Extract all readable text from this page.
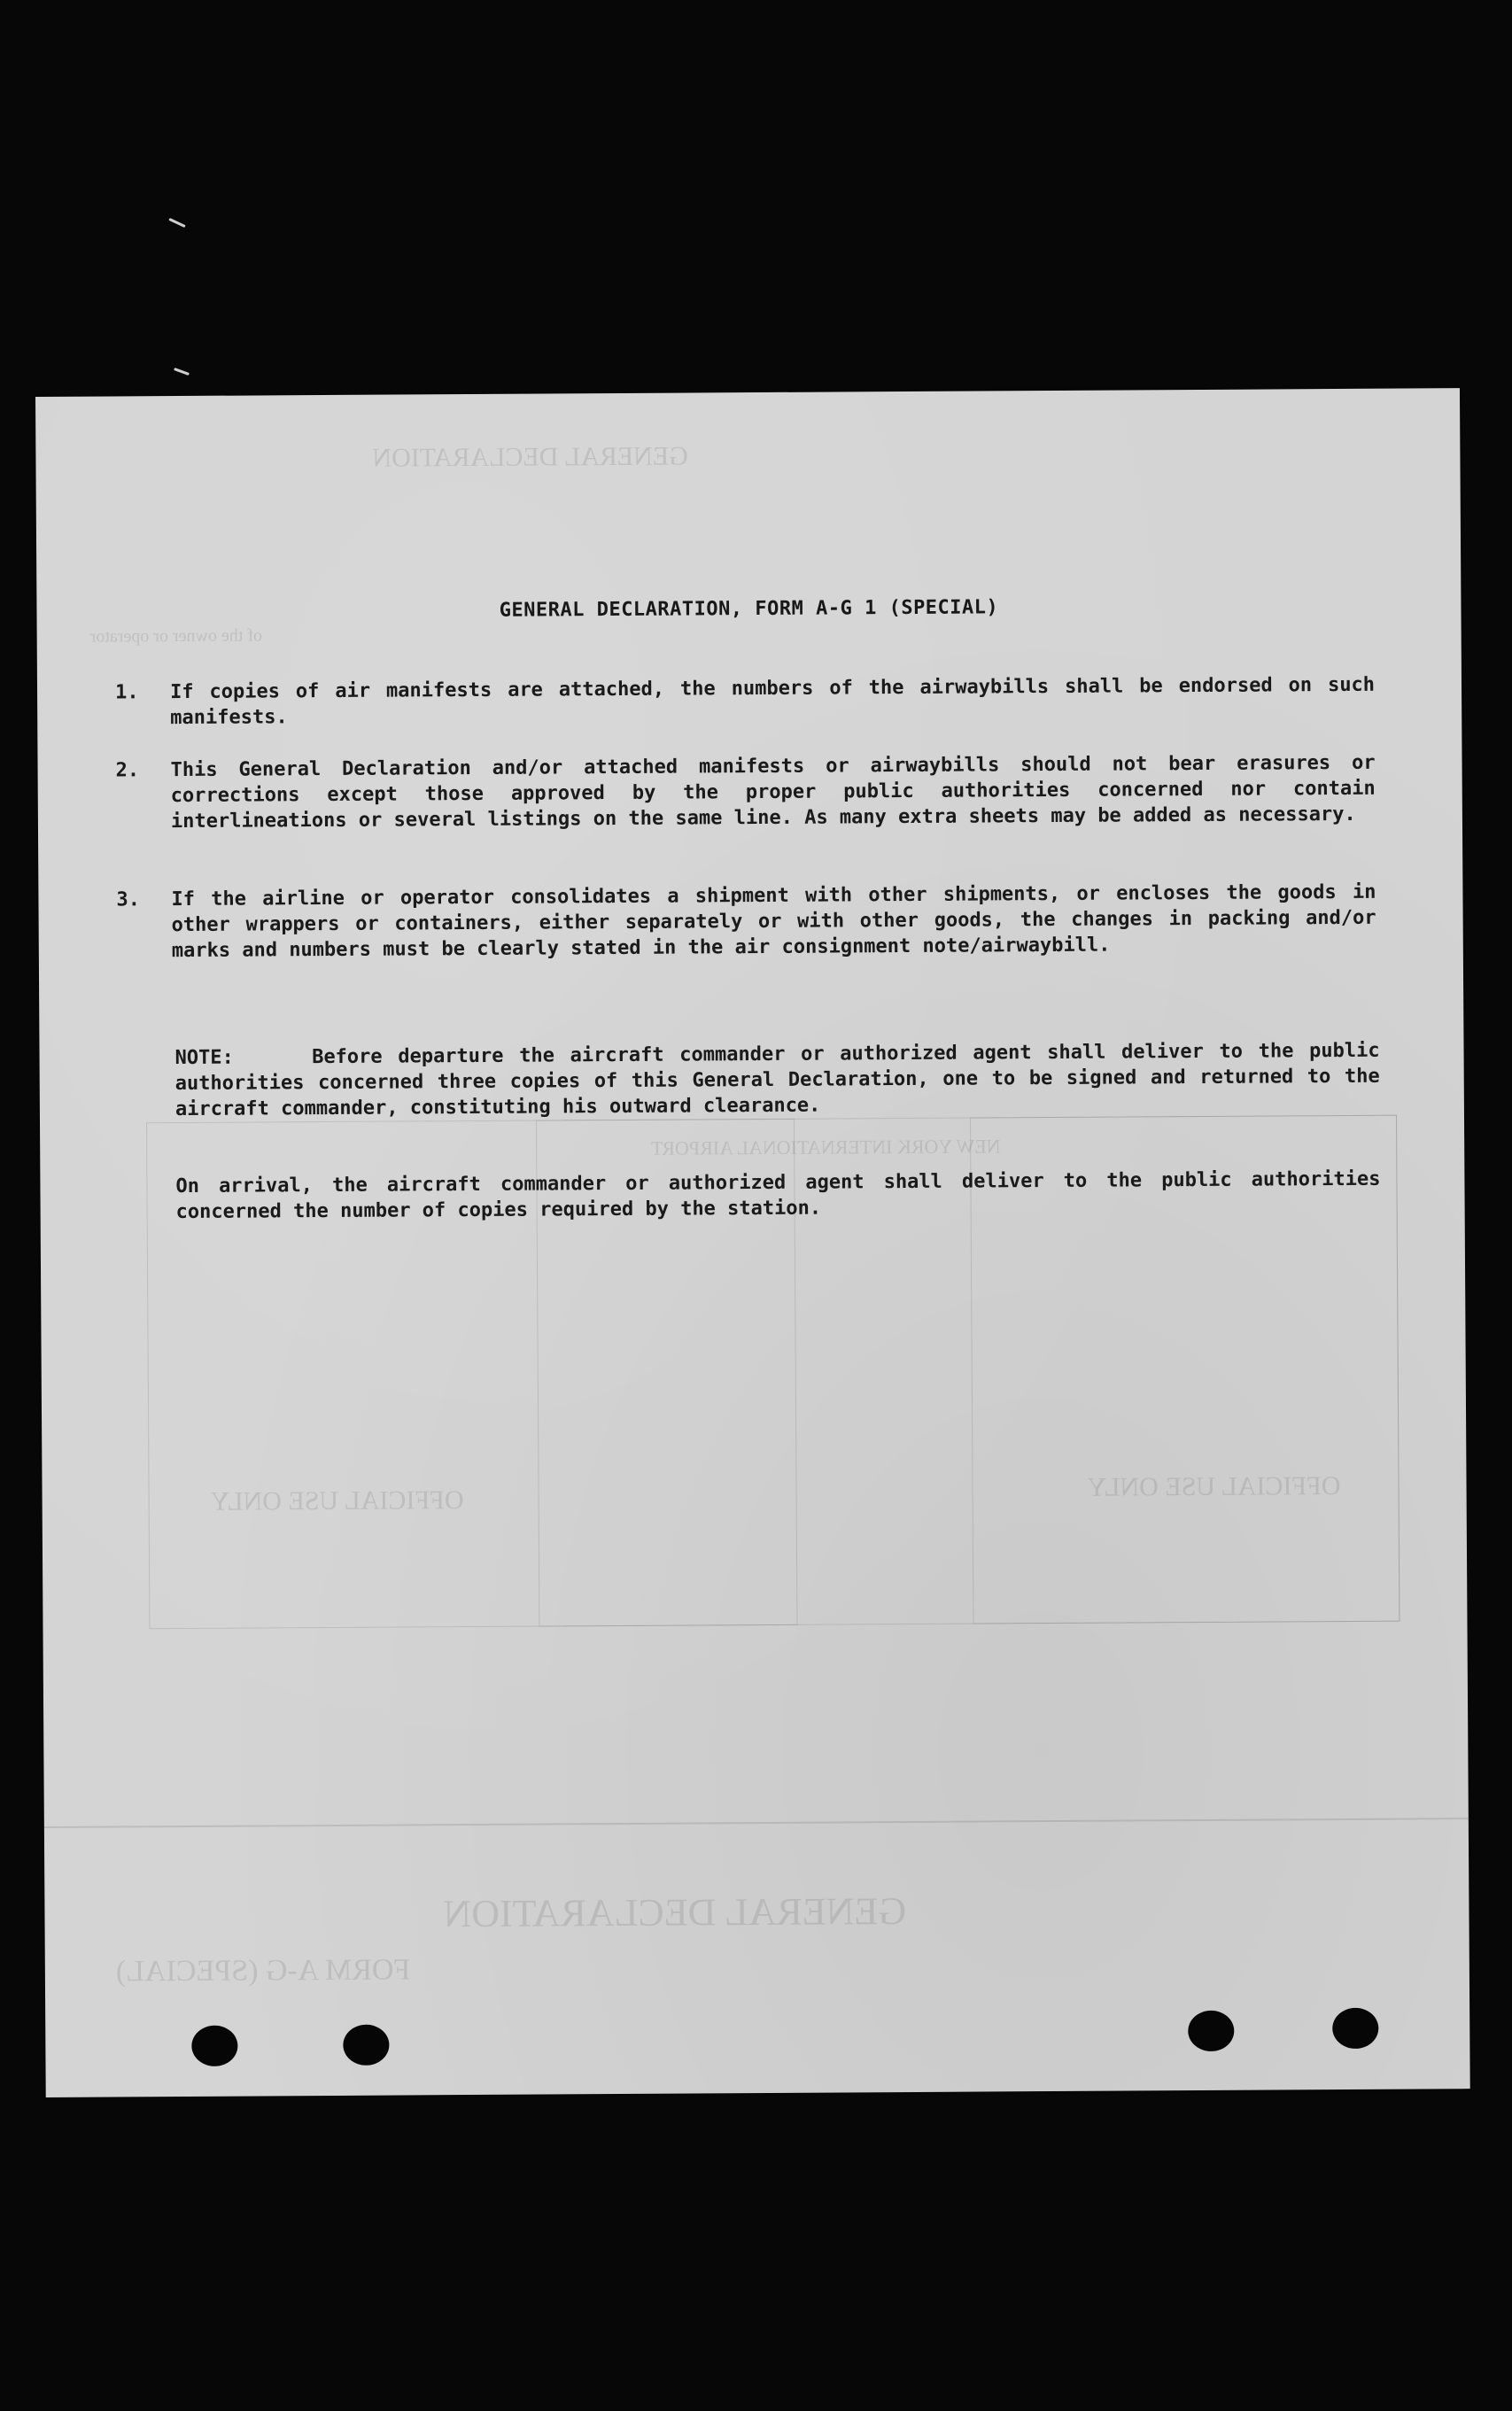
GENERAL DECLARATION
GENERAL DECLARATION
FORM A-G (SPECIAL)
OFFICIAL USE ONLY	OFFICIAL USE ONLY
NEW YORK INTERNATIONAL AIRPORT
of the owner or operator
GENERAL DECLARATION, FORM A-G 1 (SPECIAL)
1. If copies of air manifests are attached, the numbers of the airwaybills shall be endorsed on such manifests.
2. This General Declaration and/or attached manifests or airwaybills should not bear erasures or corrections except those approved by the proper public authorities concerned nor contain interlineations or several listings on the same line. As many extra sheets may be added as necessary.
3. If the airline or operator consolidates a shipment with other shipments, or encloses the goods in other wrappers or containers, either separately or with other goods, the changes in packing and/or marks and numbers must be clearly stated in the air consignment note/airwaybill.
NOTE:	Before departure the aircraft commander or authorized agent shall deliver to the public authorities concerned three copies of this General Declaration, one to be signed and returned to the aircraft commander, constituting his outward clearance.
On arrival, the aircraft commander or authorized agent shall deliver to the public authorities concerned the number of copies required by the station.
